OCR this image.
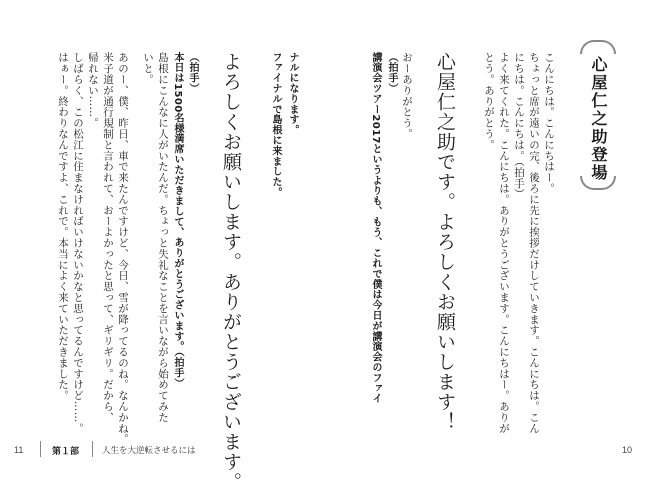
心屋仁之助登場
こんにちは。こんにちはー。
ちょっと席が遠いの完、後ろに先に挨拶だけしていきます。こんにちは。こん
にちは。こんにちは。（拍手）
よく来てくれた。こんにちは。ありがとうございます。こんにちはー。ありが
とう。ありがとう。
心屋仁之助です。よろしくお願いします！
おーありがとう。
（拍手）
講演会ツアー2017というよりも、もう、これで僕は今日が講演会のファイ
ナルになります。
ファイナルで島根に来ました。
よろしくお願いします。ありがとうございます。
（拍手）
本日は1500名様満席いただきまして、ありがとうございます。（拍手）
島根にこんなに人がいたんだ。ちょっと失礼なことを言いながら始めてみた
いと。
あのー、僕、昨日、車で来たんですけど、今日、雪が降ってるのね。なんかね。
米子道が通行規制と言われて、おーよかったと思って、ギリギリ。だから、
帰れない……。
しばらく、この松江に住まなければいけないかなと思ってるんですけど……。
はぁー。終わりなんですよ、これで。本当によく来ていただきました。
11	第１部	人生を大逆転させるには	10
